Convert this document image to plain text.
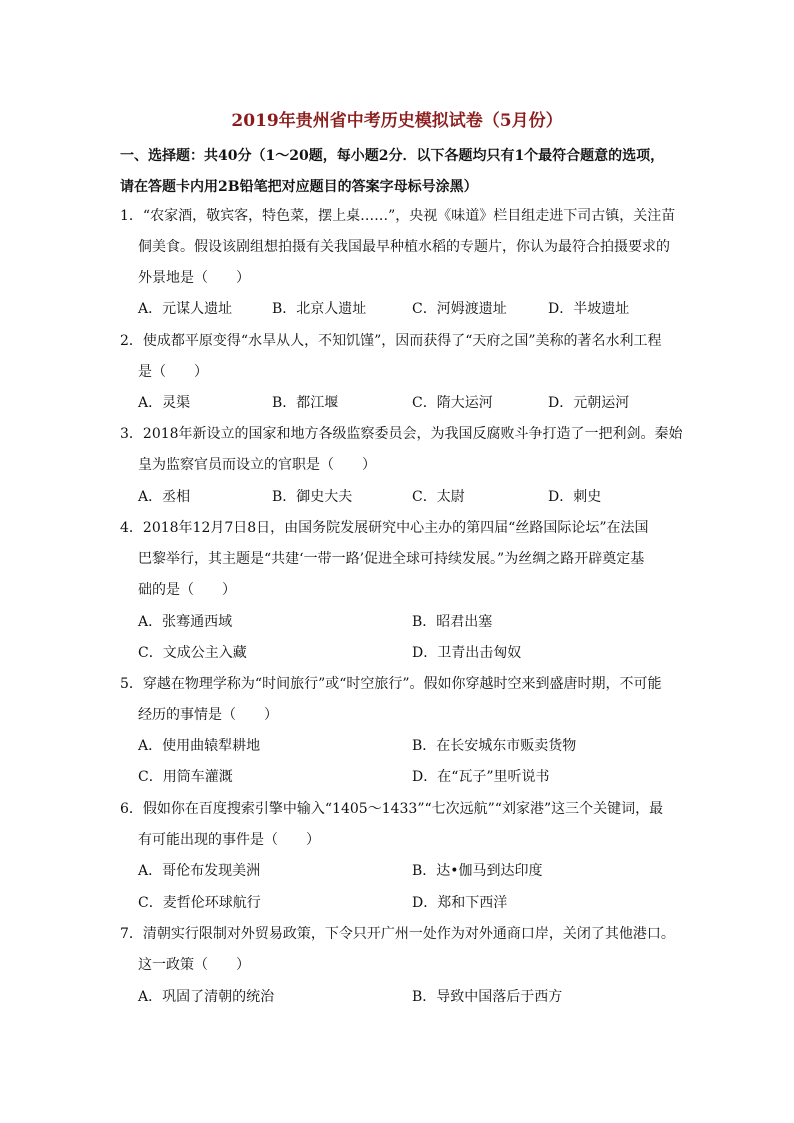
2019年贵州省中考历史模拟试卷（5月份）
一、选择题：共40分（1～20题，每小题2分．以下各题均只有1个最符合题意的选项，
请在答题卡内用2B铅笔把对应题目的答案字母标号涂黑）
1．“农家酒，敬宾客，特色菜，摆上桌……”，央视《味道》栏目组走进下司古镇，关注苗
侗美食。假设该剧组想拍摄有关我国最早种植水稻的专题片，你认为最符合拍摄要求的
外景地是（　　）
A．元谋人遗址	B．北京人遗址	C．河姆渡遗址	D．半坡遗址
2．使成都平原变得“水旱从人，不知饥馑”，因而获得了“天府之国”美称的著名水利工程
是（　　）
A．灵渠	B．都江堰	C．隋大运河	D．元朝运河
3．2018年新设立的国家和地方各级监察委员会，为我国反腐败斗争打造了一把利剑。秦始
皇为监察官员而设立的官职是（　　）
A．丞相	B．御史大夫	C．太尉	D．刺史
4．2018年12月7日8日，由国务院发展研究中心主办的第四届“丝路国际论坛”在法国
巴黎举行，其主题是“共建‘一带一路’促进全球可持续发展。”为丝绸之路开辟奠定基
础的是（　　）
A．张骞通西域	B．昭君出塞
C．文成公主入藏	D．卫青出击匈奴
5．穿越在物理学称为“时间旅行”或“时空旅行”。假如你穿越时空来到盛唐时期，不可能
经历的事情是（　　）
A．使用曲辕犁耕地	B．在长安城东市贩卖货物
C．用筒车灌溉	D．在“瓦子”里听说书
6．假如你在百度搜索引擎中输入“1405～1433”“七次远航”“刘家港”这三个关键词，最
有可能出现的事件是（　　）
A．哥伦布发现美洲	B．达•伽马到达印度
C．麦哲伦环球航行	D．郑和下西洋
7．清朝实行限制对外贸易政策，下令只开广州一处作为对外通商口岸，关闭了其他港口。
这一政策（　　）
A．巩固了清朝的统治	B．导致中国落后于西方
